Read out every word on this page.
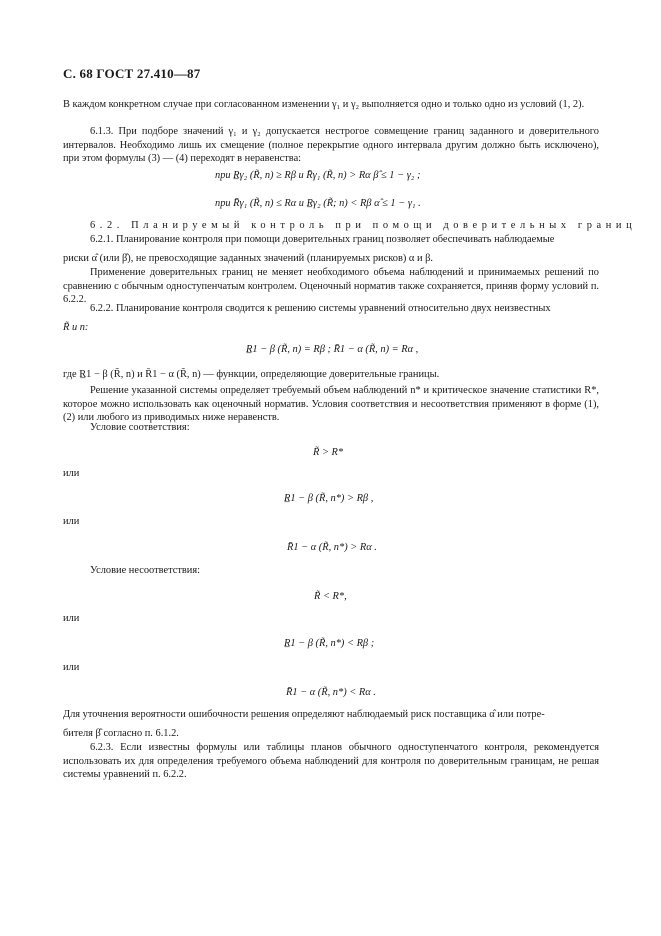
С. 68 ГОСТ 27.410—87
В каждом конкретном случае при согласованном изменении γ₁ и γ₂ выполняется одно и только одно из условий (1, 2).
6.1.3. При подборе значений γ₁ и γ₂ допускается нестрогое совмещение границ заданного и доверительного интервалов. Необходимо лишь их смещение (полное перекрытие одного интервала другим должно быть исключено), при этом формулы (3) — (4) переходят в неравенства:
при R̲γ₂ (R̃, n) ≥ Rβ и R̄γ₁ (R̃, n) > Rα β̂ ≤ 1 − γ₂ ;
при R̄γ₁ (R̃, n) ≤ Rα и R̲γ₂ (R̃; n) < Rβ α̂ ≤ 1 − γ₁ .
6.2. Планируемый контроль при помощи доверительных границ
6.2.1. Планирование контроля при помощи доверительных границ позволяет обеспечивать наблюдаемые
риски α̂ (или β̂), не превосходящие заданных значений (планируемых рисков) α и β.
Применение доверительных границ не меняет необходимого объема наблюдений и принимаемых решений по сравнению с обычным одноступенчатым контролем. Оценочный норматив также сохраняется, приняв форму условий п. 6.2.2.
6.2.2. Планирование контроля сводится к решению системы уравнений относительно двух неизвестных
R̃ и n:
R̲1 − β (R̃, n) = Rβ ; R̄1 − α (R̃, n) = Rα ,
где R̲1 − β (R̃, n) и R̄1 − α (R̃, n) — функции, определяющие доверительные границы.
Решение указанной системы определяет требуемый объем наблюдений n* и критическое значение статистики R*, которое можно использовать как оценочный норматив. Условия соответствия и несоответствия применяют в форме (1), (2) или любого из приводимых ниже неравенств.
Условие соответствия:
R̃ > R*
или
R̲1 − β (R̃, n*) > Rβ ,
или
R̄1 − α (R̃, n*) > Rα .
Условие несоответствия:
R̃ < R*,
или
R̲1 − β (R̃, n*) < Rβ ;
или
R̄1 − α (R̃, n*) < Rα .
Для уточнения вероятности ошибочности решения определяют наблюдаемый риск поставщика α̂ или потре-
бителя β̂ согласно п. 6.1.2.
6.2.3. Если известны формулы или таблицы планов обычного одноступенчатого контроля, рекомендуется использовать их для определения требуемого объема наблюдений для контроля по доверительным границам, не решая системы уравнений п. 6.2.2.
